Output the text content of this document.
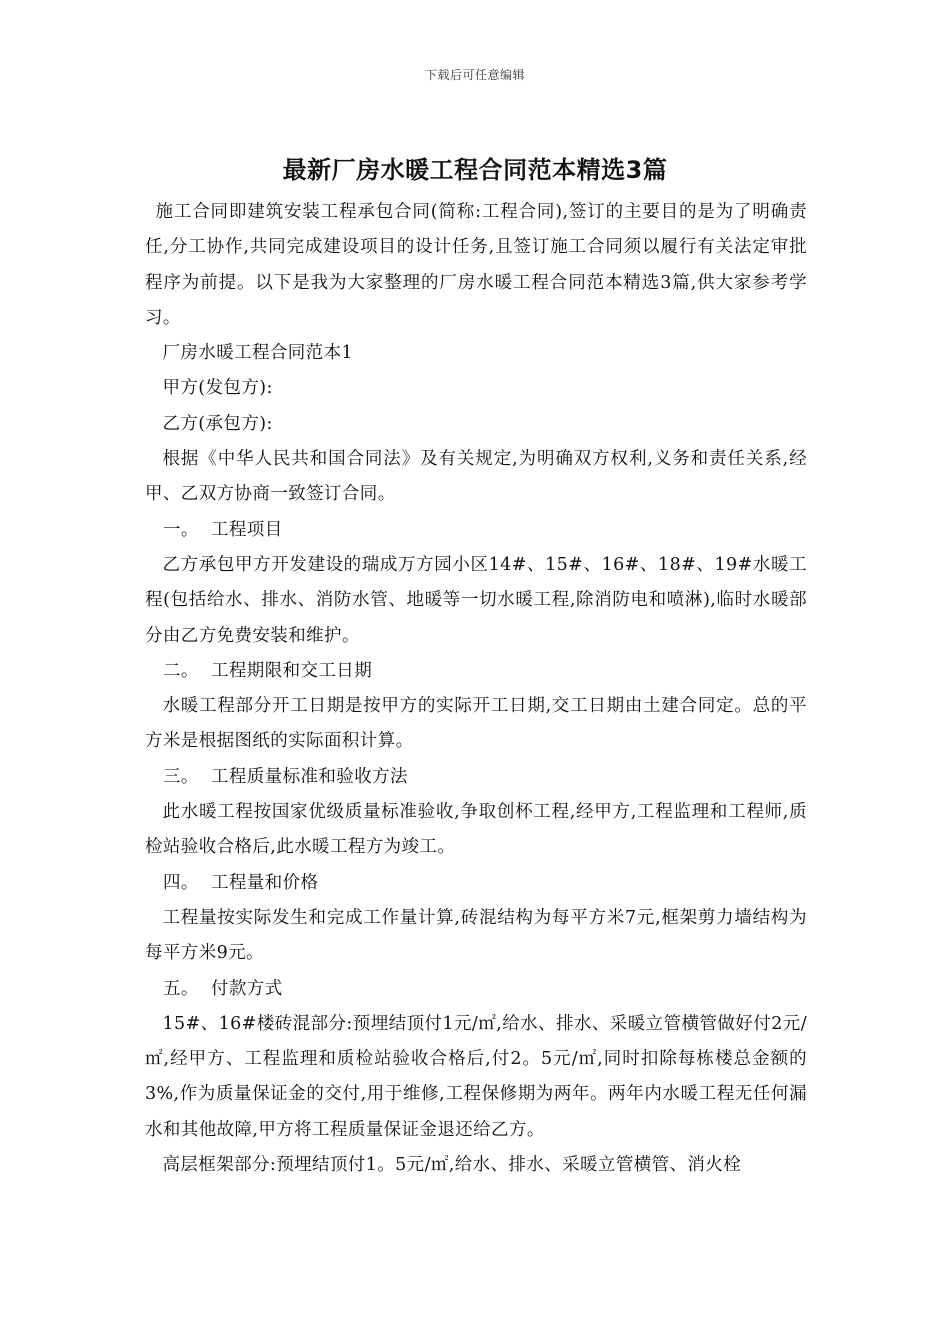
下载后可任意编辑
最新厂房水暖工程合同范本精选3篇

施工合同即建筑安装工程承包合同(简称:工程合同),签订的主要目的是为了明确责任,分工协作,共同完成建设项目的设计任务,且签订施工合同须以履行有关法定审批程序为前提。以下是我为大家整理的厂房水暖工程合同范本精选3篇,供大家参考学习。

厂房水暖工程合同范本1

甲方(发包方):

乙方(承包方):

根据《中华人民共和国合同法》及有关规定,为明确双方权利,义务和责任关系,经甲、乙双方协商一致签订合同。

一。 工程项目

乙方承包甲方开发建设的瑞成万方园小区14#、15#、16#、18#、19#水暖工程(包括给水、排水、消防水管、地暖等一切水暖工程,除消防电和喷淋),临时水暖部分由乙方免费安装和维护。

二。 工程期限和交工日期

水暖工程部分开工日期是按甲方的实际开工日期,交工日期由土建合同定。总的平方米是根据图纸的实际面积计算。

三。 工程质量标准和验收方法

此水暖工程按国家优级质量标准验收,争取创杯工程,经甲方,工程监理和工程师,质检站验收合格后,此水暖工程方为竣工。

四。 工程量和价格

工程量按实际发生和完成工作量计算,砖混结构为每平方米7元,框架剪力墙结构为每平方米9元。

五。 付款方式

15#、16#楼砖混部分:预埋结顶付1元/㎡,给水、排水、采暖立管横管做好付2元/㎡,经甲方、工程监理和质检站验收合格后,付2。5元/㎡,同时扣除每栋楼总金额的3%,作为质量保证金的交付,用于维修,工程保修期为两年。两年内水暖工程无任何漏水和其他故障,甲方将工程质量保证金退还给乙方。

高层框架部分:预埋结顶付1。5元/㎡,给水、排水、采暖立管横管、消火栓
